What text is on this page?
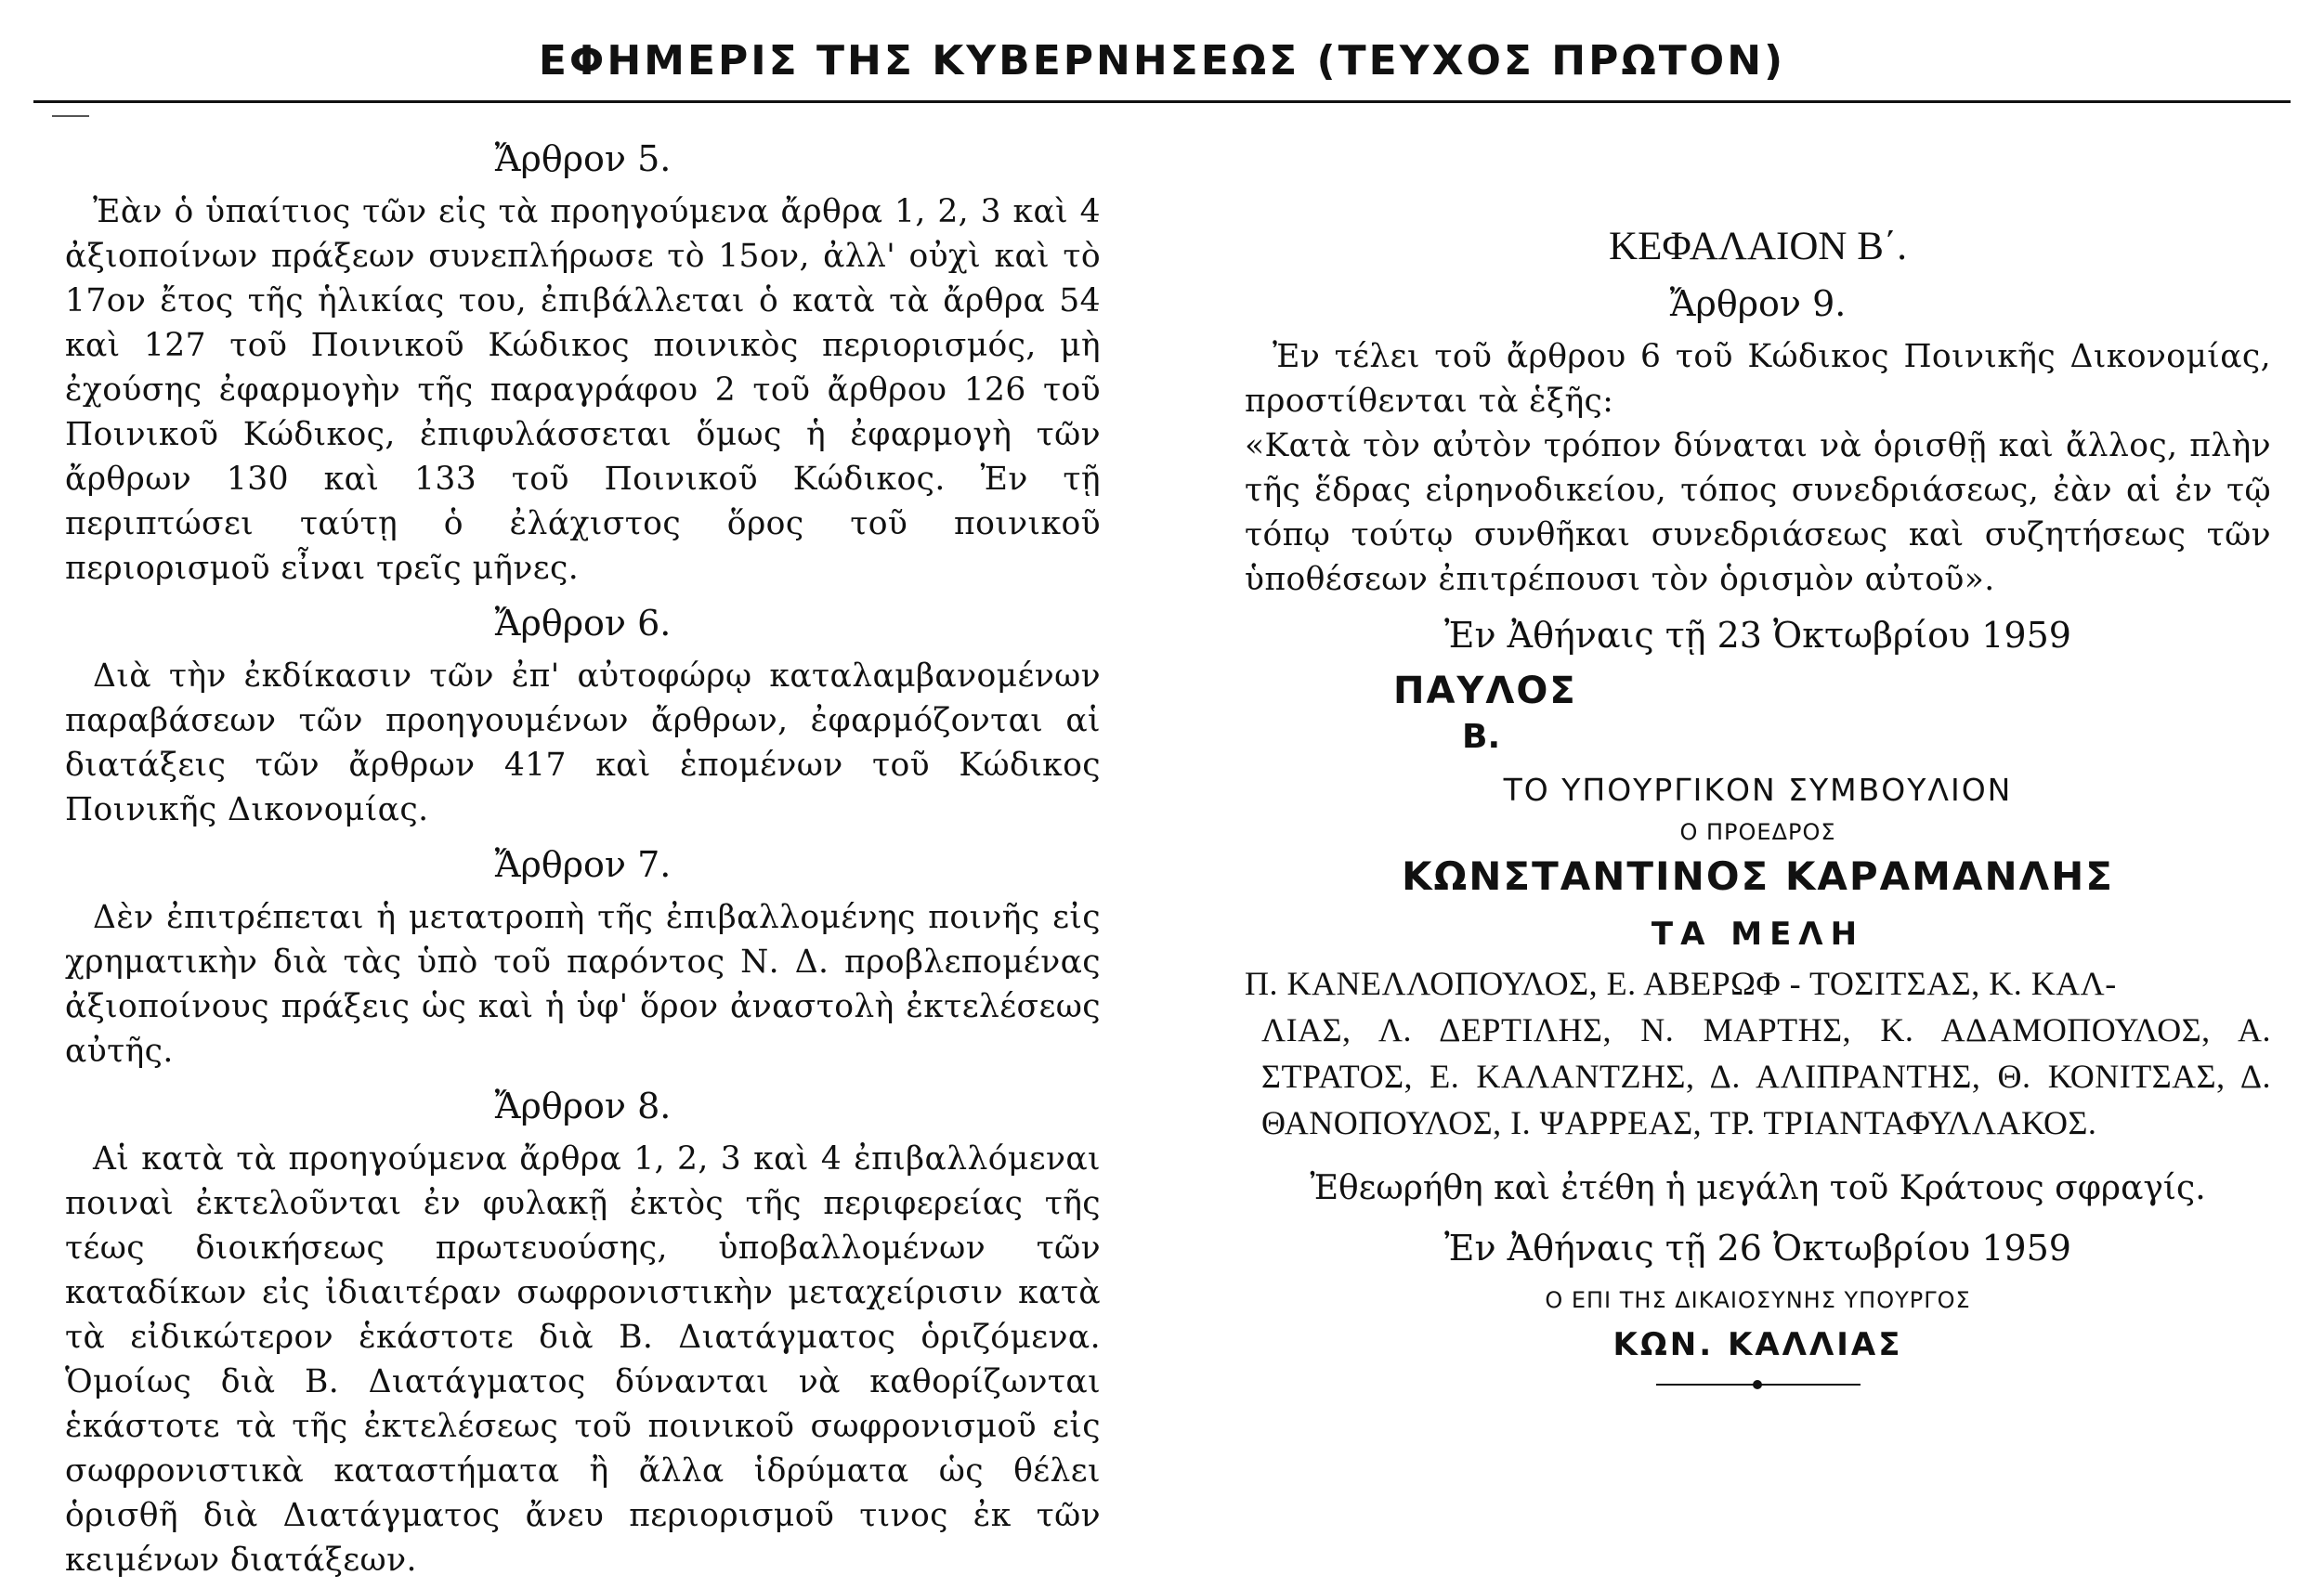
ΕΦΗΜΕΡΙΣ ΤΗΣ ΚΥΒΕΡΝΗΣΕΩΣ (ΤΕΥΧΟΣ ΠΡΩΤΟΝ)
Ἄρθρον 5.

Ἐὰν ὁ ὑπαίτιος τῶν εἰς τὰ προηγούμενα ἄρθρα 1, 2, 3 καὶ 4 ἀξιοποίνων πράξεων συνεπλήρωσε τὸ 15ον, ἀλλ' οὐχὶ καὶ τὸ 17ον ἔτος τῆς ἡλικίας του, ἐπιβάλλεται ὁ κατὰ τὰ ἄρθρα 54 καὶ 127 τοῦ Ποινικοῦ Κώδικος ποινικὸς περιορισμός, μὴ ἐχούσης ἐφαρμογὴν τῆς παραγράφου 2 τοῦ ἄρθρου 126 τοῦ Ποινικοῦ Κώδικος, ἐπιφυλάσσεται ὅμως ἡ ἐφαρμογὴ τῶν ἄρθρων 130 καὶ 133 τοῦ Ποινικοῦ Κώδικος. Ἐν τῇ περιπτώσει ταύτῃ ὁ ἐλάχιστος ὅρος τοῦ ποινικοῦ περιορισμοῦ εἶναι τρεῖς μῆνες.

Ἄρθρον 6.

Διὰ τὴν ἐκδίκασιν τῶν ἐπ' αὐτοφώρῳ καταλαμβανομένων παραβάσεων τῶν προηγουμένων ἄρθρων, ἐφαρμόζονται αἱ διατάξεις τῶν ἄρθρων 417 καὶ ἑπομένων τοῦ Κώδικος Ποινικῆς Δικονομίας.

Ἄρθρον 7.

Δὲν ἐπιτρέπεται ἡ μετατροπὴ τῆς ἐπιβαλλομένης ποινῆς εἰς χρηματικὴν διὰ τὰς ὑπὸ τοῦ παρόντος Ν. Δ. προβλεπομένας ἀξιοποίνους πράξεις ὡς καὶ ἡ ὑφ' ὅρον ἀναστολὴ ἐκτελέσεως αὐτῆς.

Ἄρθρον 8.

Αἱ κατὰ τὰ προηγούμενα ἄρθρα 1, 2, 3 καὶ 4 ἐπιβαλλόμεναι ποιναὶ ἐκτελοῦνται ἐν φυλακῇ ἐκτὸς τῆς περιφερείας τῆς τέως διοικήσεως πρωτευούσης, ὑποβαλλομένων τῶν καταδίκων εἰς ἰδιαιτέραν σωφρονιστικὴν μεταχείρισιν κατὰ τὰ εἰδικώτερον ἑκάστοτε διὰ Β. Διατάγματος ὁριζόμενα. Ὁμοίως διὰ Β. Διατάγματος δύνανται νὰ καθορίζωνται ἑκάστοτε τὰ τῆς ἐκτελέσεως τοῦ ποινικοῦ σωφρονισμοῦ εἰς σωφρονιστικὰ καταστήματα ἢ ἄλλα ἱδρύματα ὡς θέλει ὁρισθῆ διὰ Διατάγματος ἄνευ περιορισμοῦ τινος ἐκ τῶν κειμένων διατάξεων.

ΚΕΦΑΛΑΙΟΝ Β΄.
Ἄρθρον 9.

Ἐν τέλει τοῦ ἄρθρου 6 τοῦ Κώδικος Ποινικῆς Δικονομίας, προστίθενται τὰ ἑξῆς:

«Κατὰ τὸν αὐτὸν τρόπον δύναται νὰ ὁρισθῇ καὶ ἄλλος, πλὴν τῆς ἕδρας εἰρηνοδικείου, τόπος συνεδριάσεως, ἐὰν αἱ ἐν τῷ τόπῳ τούτῳ συνθῆκαι συνεδριάσεως καὶ συζητήσεως τῶν ὑποθέσεων ἐπιτρέπουσι τὸν ὁρισμὸν αὐτοῦ».

Ἐν Ἀθήναις τῇ 23 Ὀκτωβρίου 1959
ΠΑΥΛΟΣ
Β.
ΤΟ ΥΠΟΥΡΓΙΚΟΝ ΣΥΜΒΟΥΛΙΟΝ
Ο ΠΡΟΕΔΡΟΣ
ΚΩΝΣΤΑΝΤΙΝΟΣ ΚΑΡΑΜΑΝΛΗΣ
ΤΑ ΜΕΛΗ
Π. ΚΑΝΕΛΛΟΠΟΥΛΟΣ, Ε. ΑΒΕΡΩΦ - ΤΟΣΙΤΣΑΣ, Κ. ΚΑΛ-
ΛΙΑΣ, Λ. ΔΕΡΤΙΛΗΣ, Ν. ΜΑΡΤΗΣ, Κ. ΑΔΑΜΟΠΟΥΛΟΣ, Α. ΣΤΡΑΤΟΣ, Ε. ΚΑΛΑΝΤΖΗΣ, Δ. ΑΛΙΠΡΑΝΤΗΣ, Θ. ΚΟΝΙΤΣΑΣ, Δ. ΘΑΝΟΠΟΥΛΟΣ, Ι. ΨΑΡΡΕΑΣ, ΤΡ. ΤΡΙΑΝΤΑΦΥΛΛΑΚΟΣ.
Ἐθεωρήθη καὶ ἐτέθη ἡ μεγάλη τοῦ Κράτους σφραγίς.
Ἐν Ἀθήναις τῇ 26 Ὀκτωβρίου 1959
Ο ΕΠΙ ΤΗΣ ΔΙΚΑΙΟΣΥΝΗΣ ΥΠΟΥΡΓΟΣ
ΚΩΝ. ΚΑΛΛΙΑΣ
